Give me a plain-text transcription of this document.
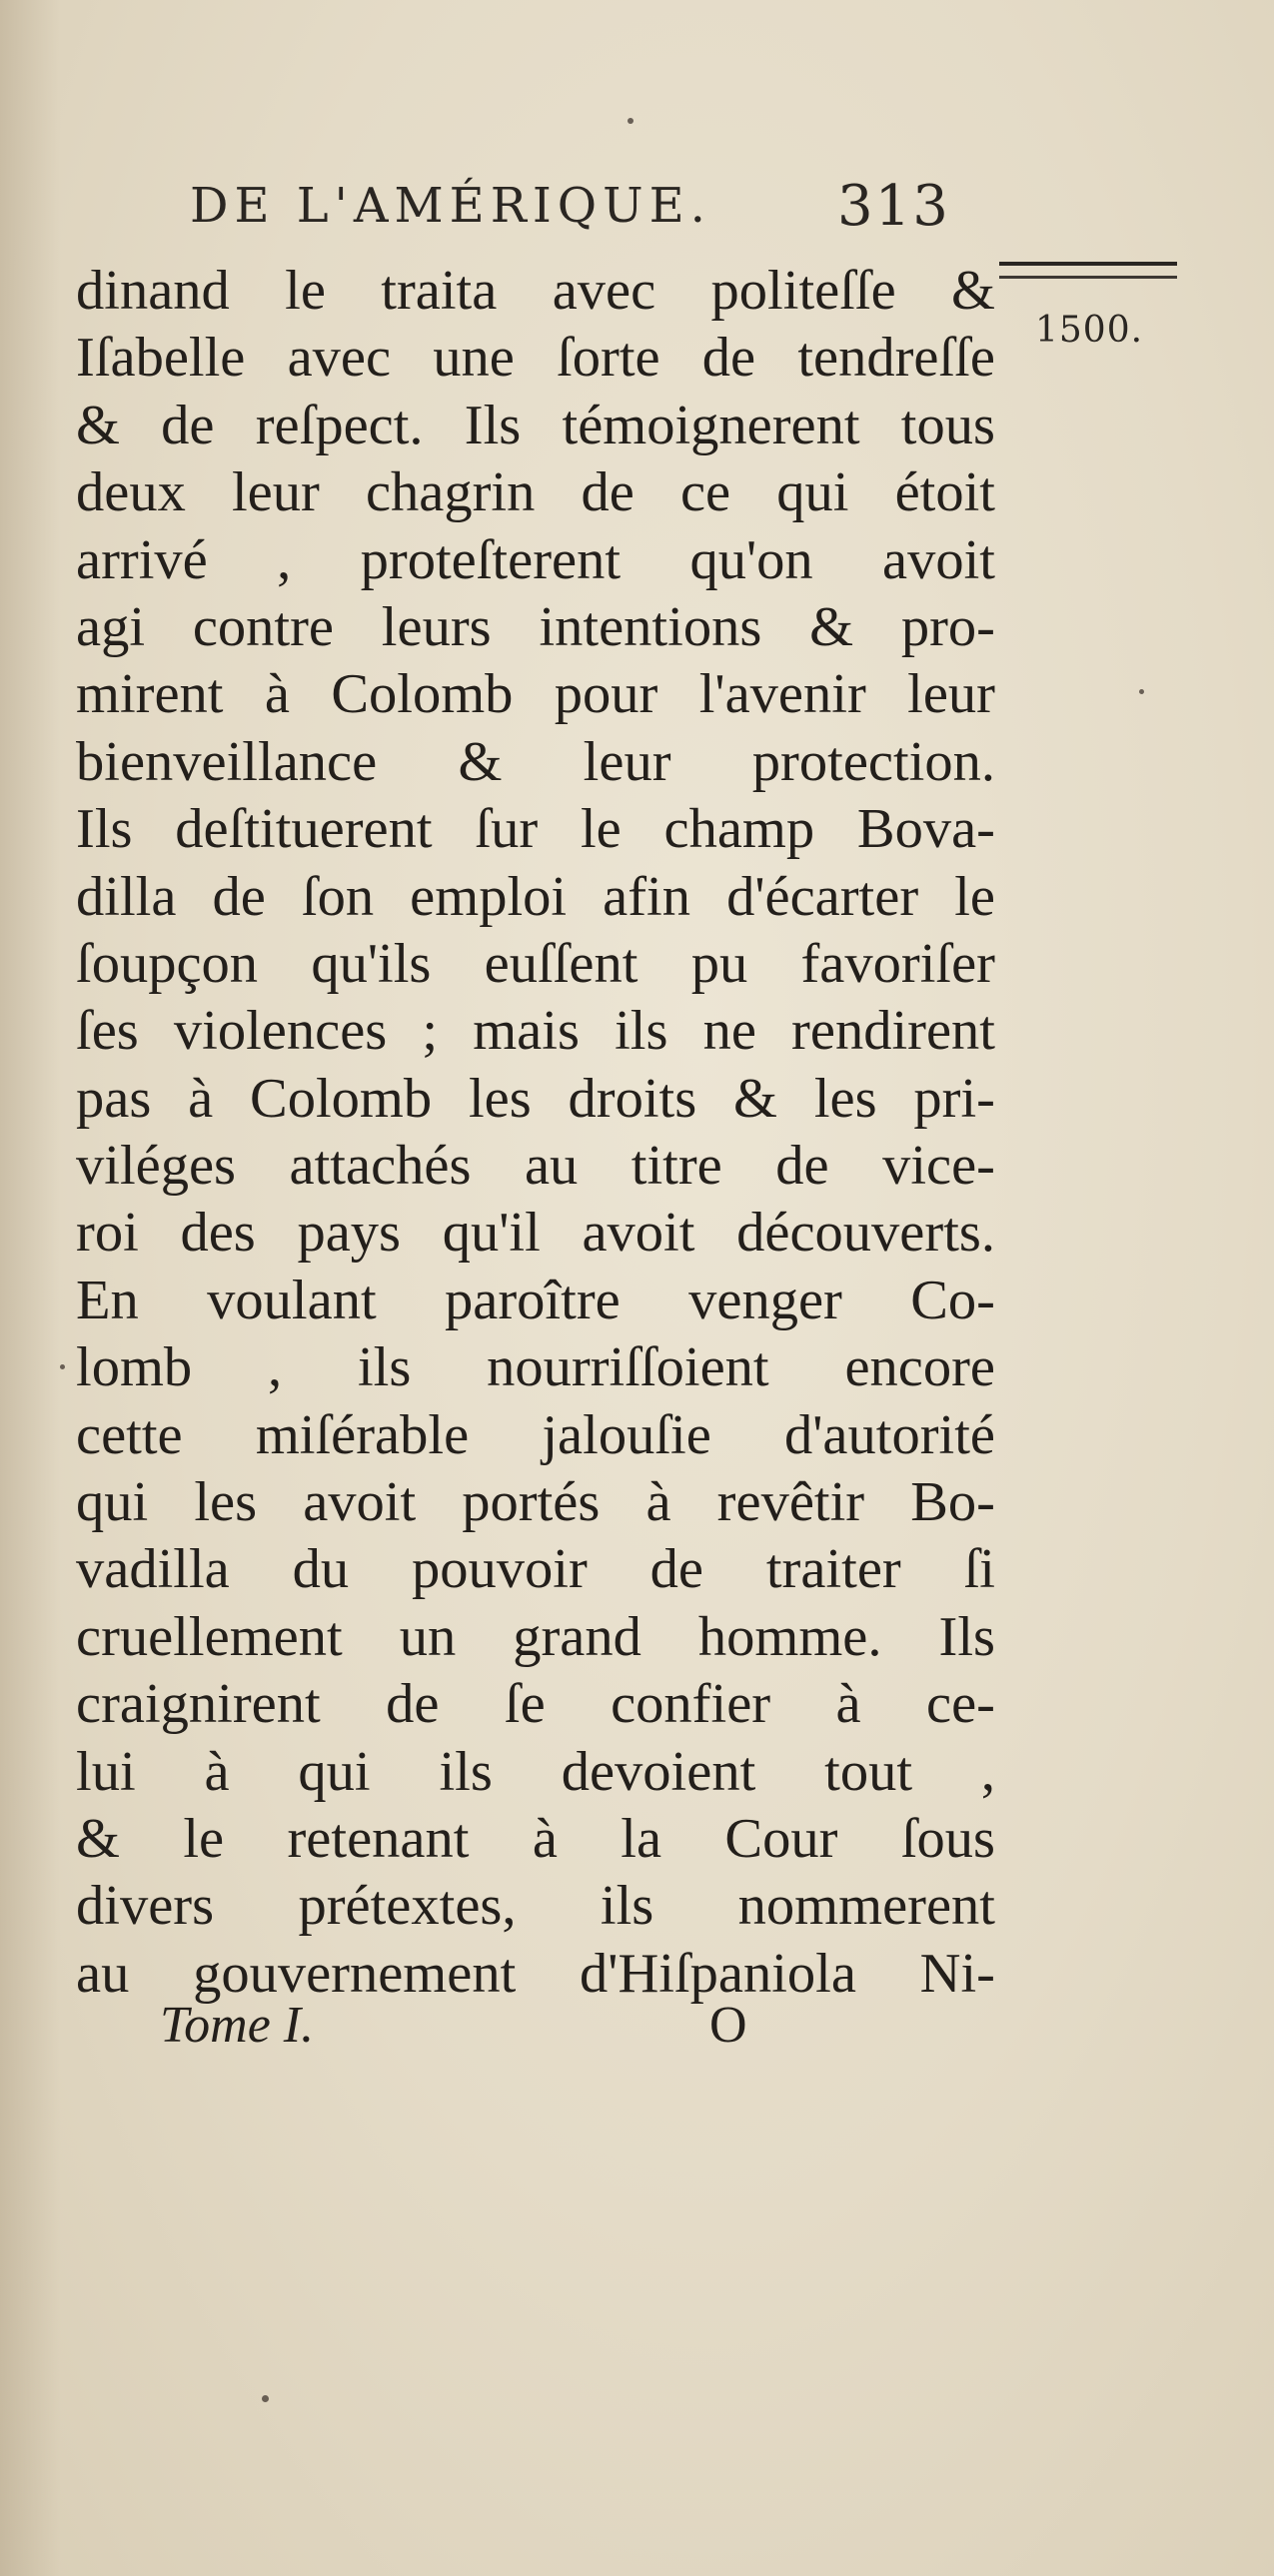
DE L'AMÉRIQUE. 313
1500.
dinand le traita avec politeſſe &
Iſabelle avec une ſorte de tendreſſe
& de reſpect. Ils témoignerent tous
deux leur chagrin de ce qui étoit
arrivé , proteſterent qu'on avoit
agi contre leurs intentions & pro-
mirent à Colomb pour l'avenir leur
bienveillance & leur protection.
Ils deſtituerent ſur le champ Bova-
dilla de ſon emploi afin d'écarter le
ſoupçon qu'ils euſſent pu favoriſer
ſes violences ; mais ils ne rendirent
pas à Colomb les droits & les pri-
viléges attachés au titre de vice-
roi des pays qu'il avoit découverts.
En voulant paroître venger Co-
lomb , ils nourriſſoient encore
cette miſérable jalouſie d'autorité
qui les avoit portés à revêtir Bo-
vadilla du pouvoir de traiter ſi
cruellement un grand homme. Ils
craignirent de ſe confier à ce-
lui à qui ils devoient tout ,
& le retenant à la Cour ſous
divers prétextes, ils nommerent
au gouvernement d'Hiſpaniola Ni-
Tome I.	O
